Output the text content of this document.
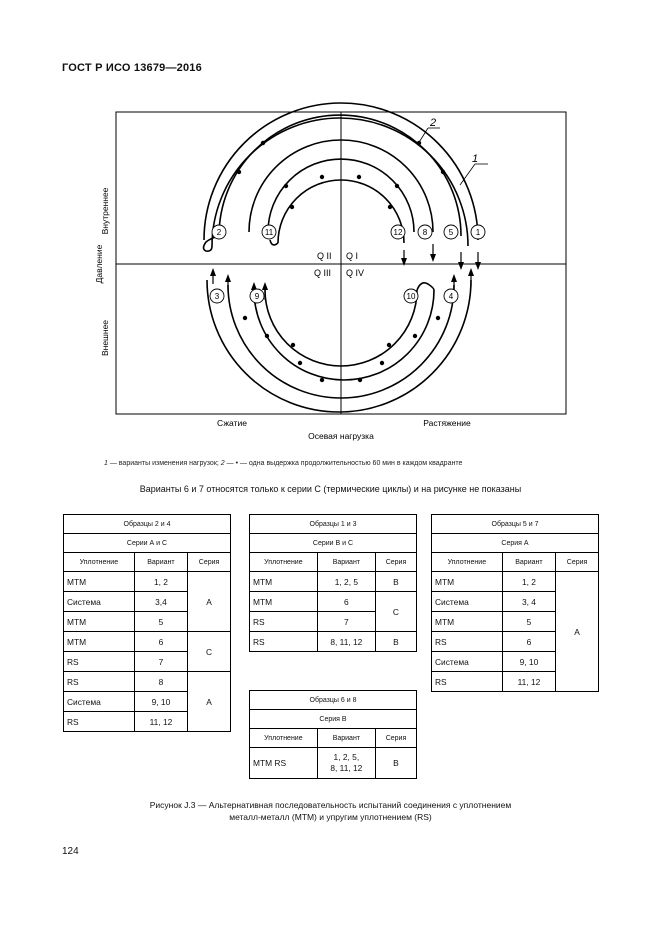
ГОСТ Р ИСО 13679—2016
2	11	12	8	5	1
3	9	10	4
1
2
Q II Q I
Q III Q IV
Внутреннее
Давление
Внешнее
Сжатие	Растяжение
Осевая нагрузка
1 — варианты изменения нагрузок; 2 — • — одна выдержка продолжительностью 60 мин в каждом квадранте
Варианты 6 и 7 относятся только к серии С (термические циклы) и на рисунке не показаны
Образцы 2 и 4		
Серии А и С		
Уплотнение	Вариант	Серия
МТМ	1, 2	А
Система	3,4	
МТМ	5	
МТМ	6	С
RS	7	
RS	8	А
Система	9, 10	
RS	11, 12	
Образцы 1 и 3		
Серии В и С		
Уплотнение	Вариант	Серия
МТМ	1, 2, 5	В
МТМ	6	С
RS	7	
RS	8, 11, 12	В
Образцы 5 и 7		
Серия А		
Уплотнение	Вариант	Серия
МТМ	1, 2	А
Система	3, 4	
МТМ	5	
RS	6	
Система	9, 10	
RS	11, 12	
Образцы 6 и 8		
Серия В		
Уплотнение	Вариант	Серия
МТМ RS	1, 2, 5,
8, 11, 12	В
Рисунок J.3 — Альтернативная последовательность испытаний соединения с уплотнением
металл-металл (МТМ) и упругим уплотнением (RS)
124
